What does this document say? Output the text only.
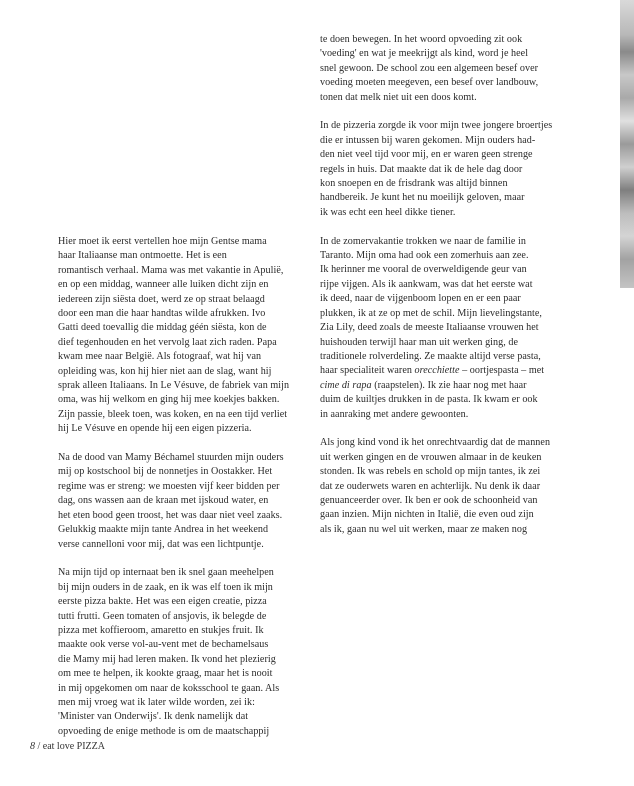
Hier moet ik eerst vertellen hoe mijn Gentse mama
haar Italiaanse man ontmoette. Het is een
romantisch verhaal. Mama was met vakantie in Apulië,
en op een middag, wanneer alle luiken dicht zijn en
iedereen zijn siësta doet, werd ze op straat belaagd
door een man die haar handtas wilde afrukken. Ivo
Gatti deed toevallig die middag géén siësta, kon de
dief tegenhouden en het vervolg laat zich raden. Papa
kwam mee naar België. Als fotograaf, wat hij van
opleiding was, kon hij hier niet aan de slag, want hij
sprak alleen Italiaans. In Le Vésuve, de fabriek van mijn
oma, was hij welkom en ging hij mee koekjes bakken.
Zijn passie, bleek toen, was koken, en na een tijd verliet
hij Le Vésuve en opende hij een eigen pizzeria.
Na de dood van Mamy Béchamel stuurden mijn ouders
mij op kostschool bij de nonnetjes in Oostakker. Het
regime was er streng: we moesten vijf keer bidden per
dag, ons wassen aan de kraan met ijskoud water, en
het eten bood geen troost, het was daar niet veel zaaks.
Gelukkig maakte mijn tante Andrea in het weekend
verse cannelloni voor mij, dat was een lichtpuntje.
Na mijn tijd op internaat ben ik snel gaan meehelpen
bij mijn ouders in de zaak, en ik was elf toen ik mijn
eerste pizza bakte. Het was een eigen creatie, pizza
tutti frutti. Geen tomaten of ansjovis, ik belegde de
pizza met koffieroom, amaretto en stukjes fruit. Ik
maakte ook verse vol-au-vent met de bechamelsaus
die Mamy mij had leren maken. Ik vond het plezierig
om mee te helpen, ik kookte graag, maar het is nooit
in mij opgekomen om naar de koksschool te gaan. Als
men mij vroeg wat ik later wilde worden, zei ik:
'Minister van Onderwijs'. Ik denk namelijk dat
opvoeding de enige methode is om de maatschappij
te doen bewegen. In het woord opvoeding zit ook
'voeding' en wat je meekrijgt als kind, word je heel
snel gewoon. De school zou een algemeen besef over
voeding moeten meegeven, een besef over landbouw,
tonen dat melk niet uit een doos komt.
In de pizzeria zorgde ik voor mijn twee jongere broertjes
die er intussen bij waren gekomen. Mijn ouders had-
den niet veel tijd voor mij, en er waren geen strenge
regels in huis. Dat maakte dat ik de hele dag door
kon snoepen en de frisdrank was altijd binnen
handbereik. Je kunt het nu moeilijk geloven, maar
ik was echt een heel dikke tiener.
In de zomervakantie trokken we naar de familie in
Taranto. Mijn oma had ook een zomerhuis aan zee.
Ik herinner me vooral de overweldigende geur van
rijpe vijgen. Als ik aankwam, was dat het eerste wat
ik deed, naar de vijgenboom lopen en er een paar
plukken, ik at ze op met de schil. Mijn lievelingstante,
Zia Lily, deed zoals de meeste Italiaanse vrouwen het
huishouden terwijl haar man uit werken ging, de
traditionele rolverdeling. Ze maakte altijd verse pasta,
haar specialiteit waren orecchiette – oortjespasta – met
cime di rapa (raapstelen). Ik zie haar nog met haar
duim de kuiltjes drukken in de pasta. Ik kwam er ook
in aanraking met andere gewoonten.
Als jong kind vond ik het onrechtvaardig dat de mannen
uit werken gingen en de vrouwen almaar in de keuken
stonden. Ik was rebels en schold op mijn tantes, ik zei
dat ze ouderwets waren en achterlijk. Nu denk ik daar
genuanceerder over. Ik ben er ook de schoonheid van
gaan inzien. Mijn nichten in Italië, die even oud zijn
als ik, gaan nu wel uit werken, maar ze maken nog
8 / eat love PIZZA
